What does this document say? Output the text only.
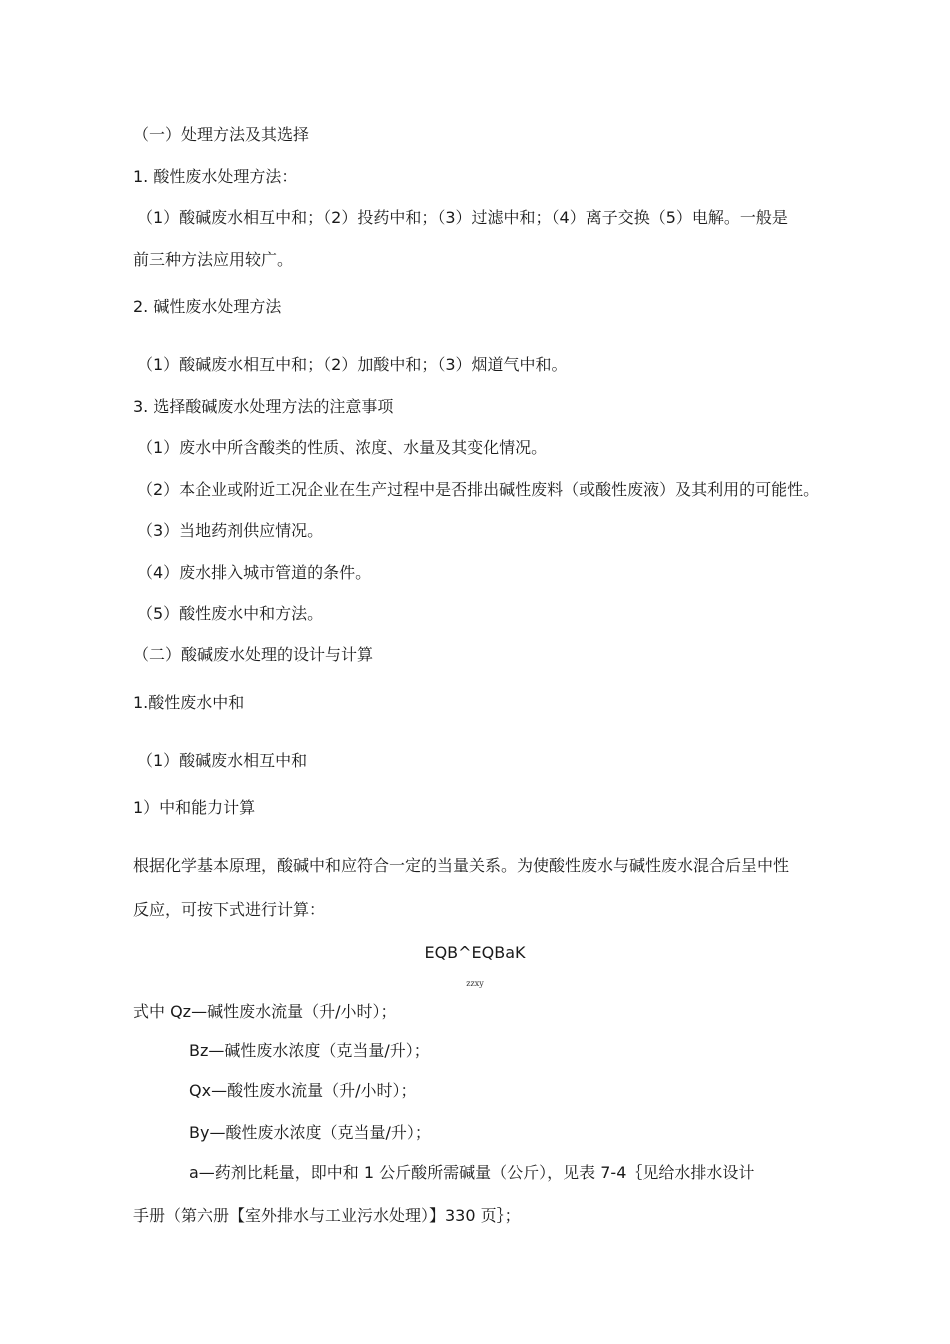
（一）处理方法及其选择
1. 酸性废水处理方法：
（1）酸碱废水相互中和；（2）投药中和；（3）过滤中和；（4）离子交换（5）电解。一般是
前三种方法应用较广。
2. 碱性废水处理方法
（1）酸碱废水相互中和；（2）加酸中和；（3）烟道气中和。
3. 选择酸碱废水处理方法的注意事项
（1）废水中所含酸类的性质、浓度、水量及其变化情况。
（2）本企业或附近工况企业在生产过程中是否排出碱性废料（或酸性废液）及其利用的可能性。
（3）当地药剂供应情况。
（4）废水排入城市管道的条件。
（5）酸性废水中和方法。
（二）酸碱废水处理的设计与计算
1.酸性废水中和
（1）酸碱废水相互中和
1）中和能力计算
根据化学基本原理，酸碱中和应符合一定的当量关系。为使酸性废水与碱性废水混合后呈中性
反应，可按下式进行计算：
EQB^EQBaK
zzxy
式中 Qz—碱性废水流量（升/小时）；
Bz—碱性废水浓度（克当量/升）；
Qx—酸性废水流量（升/小时）；
By—酸性废水浓度（克当量/升）；
a—药剂比耗量，即中和 1 公斤酸所需碱量（公斤），见表 7-4｛见给水排水设计
手册（第六册【室外排水与工业污水处理）】330 页｝；
